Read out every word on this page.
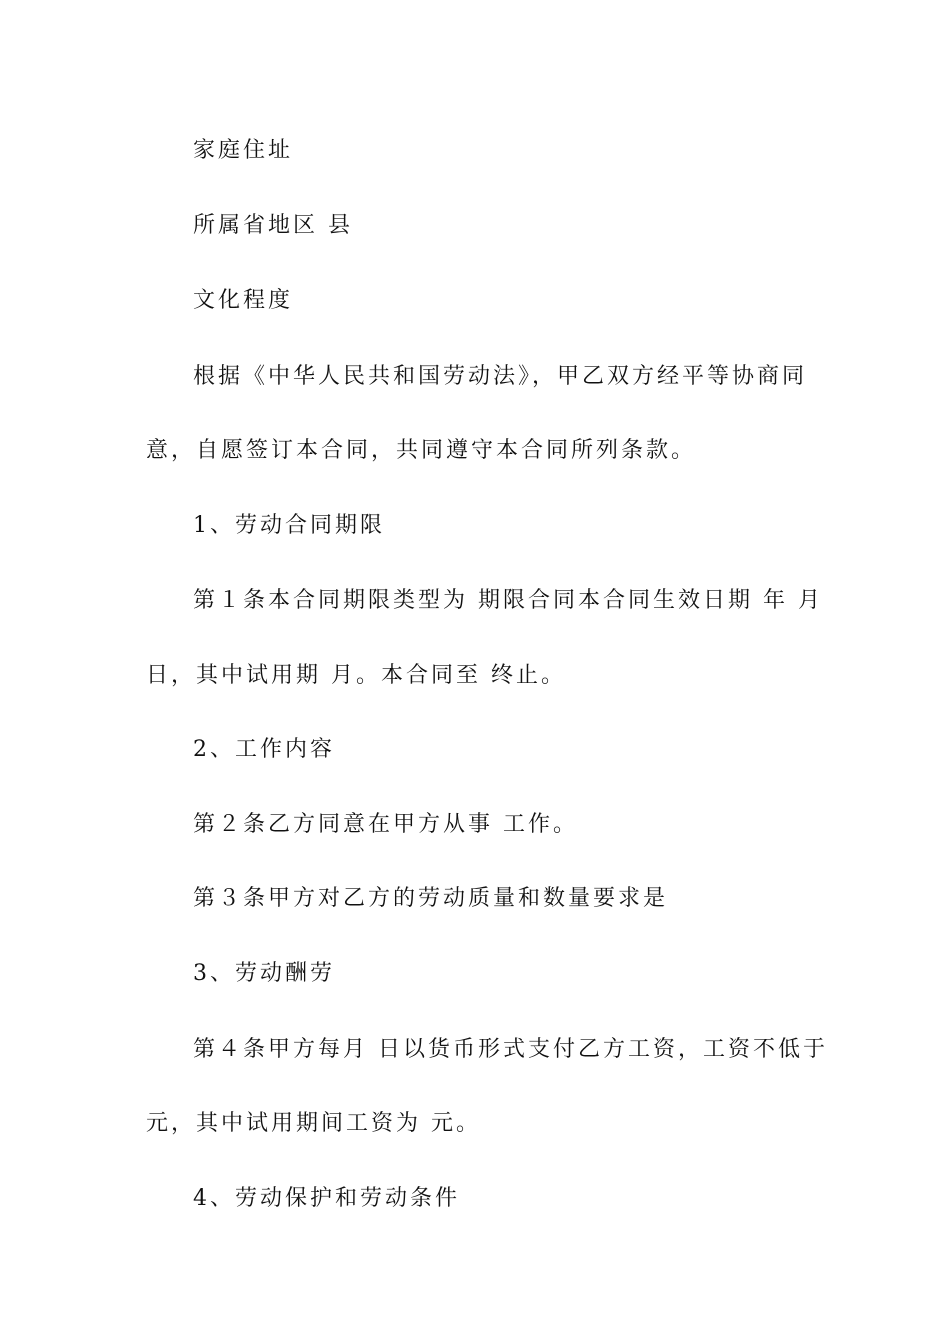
家庭住址

所属省地区 县

文化程度

根据《中华人民共和国劳动法》，甲乙双方经平等协商同

意，自愿签订本合同，共同遵守本合同所列条款。

1、劳动合同期限

第１条本合同期限类型为 期限合同本合同生效日期 年 月

日，其中试用期 月。本合同至 终止。

2、工作内容

第２条乙方同意在甲方从事 工作。

第３条甲方对乙方的劳动质量和数量要求是

3、劳动酬劳

第４条甲方每月 日以货币形式支付乙方工资，工资不低于

元，其中试用期间工资为 元。

4、劳动保护和劳动条件
